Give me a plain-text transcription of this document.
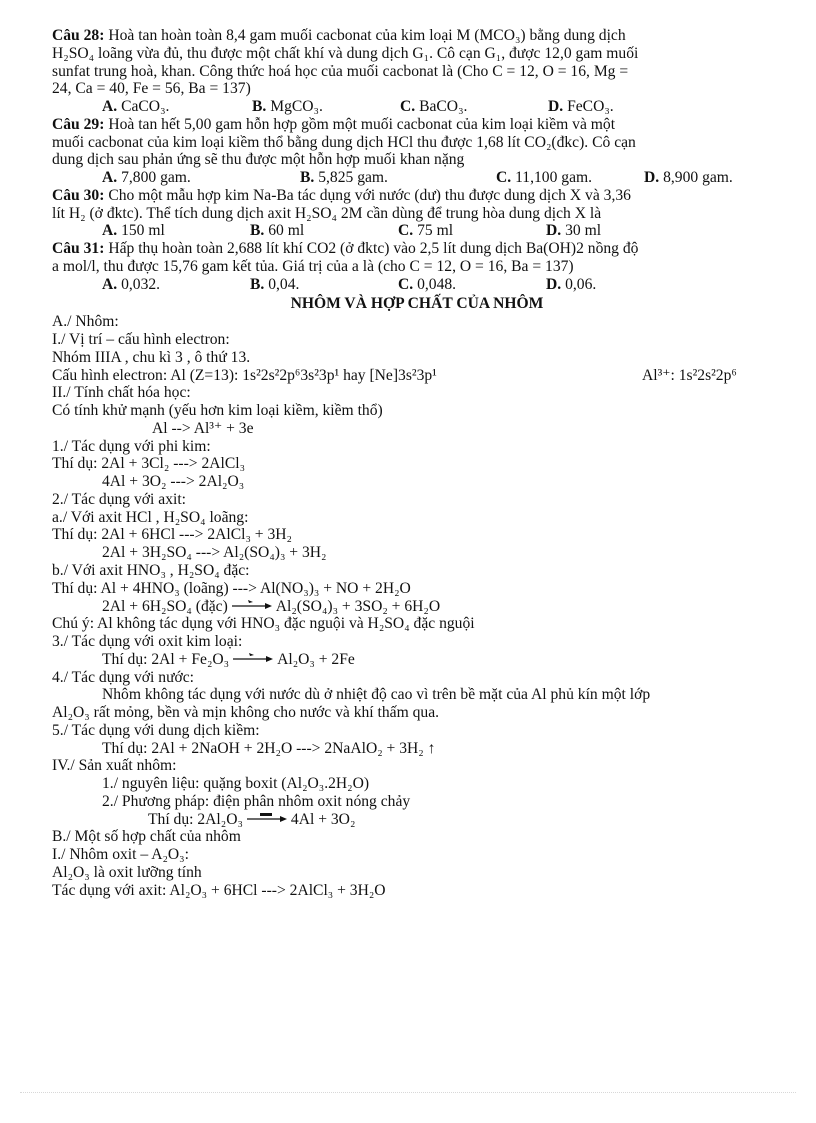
Câu 28: Hoà tan hoàn toàn 8,4 gam muối cacbonat của kim loại M (MCO₃) bằng dung dịch

H₂SO₄ loãng vừa đủ, thu được một chất khí và dung dịch G₁. Cô cạn G₁, được 12,0 gam muối

sunfat trung hoà, khan. Công thức hoá học của muối cacbonat là (Cho C = 12, O = 16, Mg =

24, Ca = 40, Fe = 56, Ba = 137)

A. CaCO₃.	B. MgCO₃.	C. BaCO₃.	D. FeCO₃.

Câu 29: Hoà tan hết 5,00 gam hỗn hợp gồm một muối cacbonat của kim loại kiềm và một

muối cacbonat của kim loại kiềm thổ bằng dung dịch HCl thu được 1,68 lít CO₂(đkc). Cô cạn

dung dịch sau phản ứng sẽ thu được một hỗn hợp muối khan nặng

A. 7,800 gam.	B. 5,825 gam.	C. 11,100 gam.	D. 8,900 gam.

Câu 30: Cho một mẫu hợp kim Na-Ba tác dụng với nước (dư) thu được dung dịch X và 3,36

lít H₂ (ở đktc). Thể tích dung dịch axit H₂SO₄ 2M cần dùng để trung hòa dung dịch X là

A. 150 ml	B. 60 ml	C. 75 ml	D. 30 ml

Câu 31: Hấp thụ hoàn toàn 2,688 lít khí CO2 (ở đktc) vào 2,5 lít dung dịch Ba(OH)2 nồng độ

a mol/l, thu được 15,76 gam kết tủa. Giá trị của a là (cho C = 12, O = 16, Ba = 137)

A. 0,032.	B. 0,04.	C. 0,048.	D. 0,06.

NHÔM VÀ HỢP CHẤT CỦA NHÔM

A./ Nhôm:

I./ Vị trí – cấu hình electron:

Nhóm IIIA , chu kì 3 , ô thứ 13.

Cấu hình electron: Al (Z=13): 1s²2s²2p⁶3s²3p¹ hay [Ne]3s²3p¹	Al³⁺: 1s²2s²2p⁶

II./ Tính chất hóa học:

Có tính khử mạnh (yếu hơn kim loại kiềm, kiềm thổ)

Al --> Al³⁺ + 3e

1./ Tác dụng với phi kim:

Thí dụ: 2Al + 3Cl₂ ---> 2AlCl₃

4Al + 3O₂ ---> 2Al₂O₃

2./ Tác dụng với axit:

a./ Với axit HCl , H₂SO₄ loãng:

Thí dụ: 2Al + 6HCl ---> 2AlCl₃ + 3H₂

2Al + 3H₂SO₄ ---> Al₂(SO₄)₃ + 3H₂

b./ Với axit HNO₃ , H₂SO₄ đặc:

Thí dụ: Al + 4HNO₃ (loãng) ---> Al(NO₃)₃ + NO + 2H₂O

2Al + 6H₂SO₄ (đặc) → Al₂(SO₄)₃ + 3SO₂ + 6H₂O

Chú ý: Al không tác dụng với HNO₃ đặc nguội và H₂SO₄ đặc nguội

3./ Tác dụng với oxit kim loại:

Thí dụ: 2Al + Fe₂O₃ → Al₂O₃ + 2Fe

4./ Tác dụng với nước:

Nhôm không tác dụng với nước dù ở nhiệt độ cao vì trên bề mặt của Al phủ kín một lớp

Al₂O₃ rất mỏng, bền và mịn không cho nước và khí thấm qua.

5./ Tác dụng với dung dịch kiềm:

Thí dụ: 2Al + 2NaOH + 2H₂O ---> 2NaAlO₂ + 3H₂ ↑

IV./ Sản xuất nhôm:

1./ nguyên liệu: quặng boxit (Al₂O₃.2H₂O)

2./ Phương pháp: điện phân nhôm oxit nóng chảy

Thí dụ: 2Al₂O₃	4Al + 3O₂

B./ Một số hợp chất của nhôm

I./ Nhôm oxit – A₂O₃:

Al₂O₃ là oxit lưỡng tính

Tác dụng với axit: Al₂O₃ + 6HCl ---> 2AlCl₃ + 3H₂O
